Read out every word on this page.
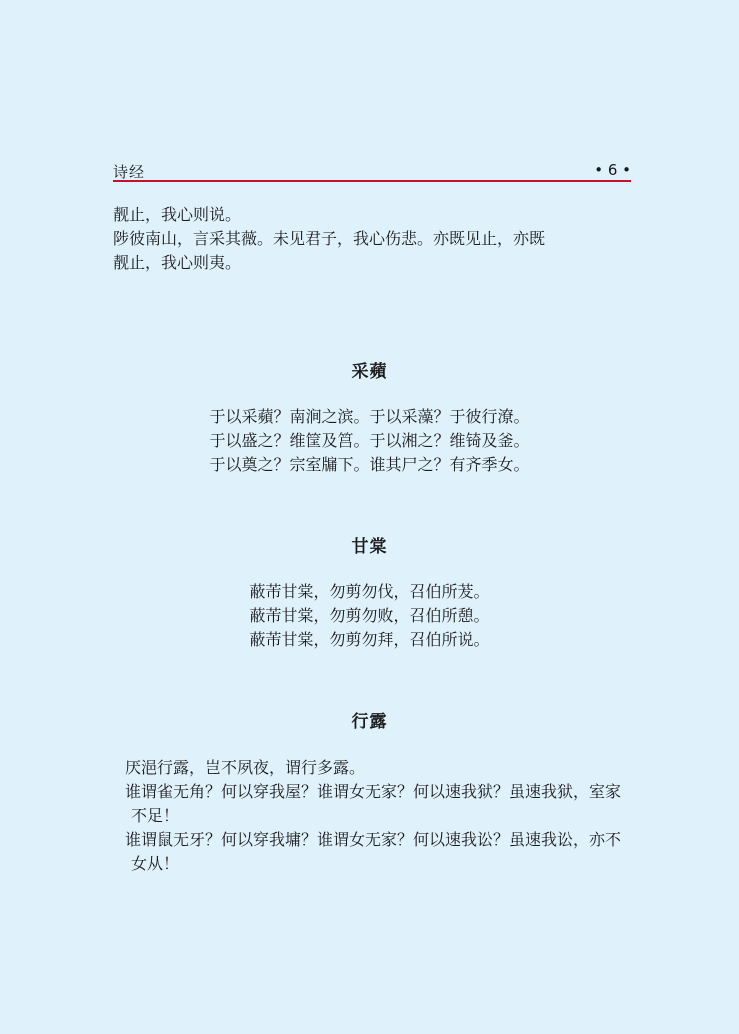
诗经	• 6 •
靓止，我心则说。
陟彼南山，言采其薇。未见君子，我心伤悲。亦既见止，亦既
靓止，我心则夷。
采蘋
于以采蘋？南涧之滨。于以采藻？于彼行潦。
于以盛之？维筐及筥。于以湘之？维锜及釜。
于以奠之？宗室牖下。谁其尸之？有齐季女。
甘棠
蔽芾甘棠，勿剪勿伐，召伯所茇。
蔽芾甘棠，勿剪勿败，召伯所憩。
蔽芾甘棠，勿剪勿拜，召伯所说。
行露
厌浥行露，岂不夙夜，谓行多露。
谁谓雀无角？何以穿我屋？谁谓女无家？何以速我狱？虽速我狱，室家不足！
谁谓鼠无牙？何以穿我墉？谁谓女无家？何以速我讼？虽速我讼，亦不女从！
